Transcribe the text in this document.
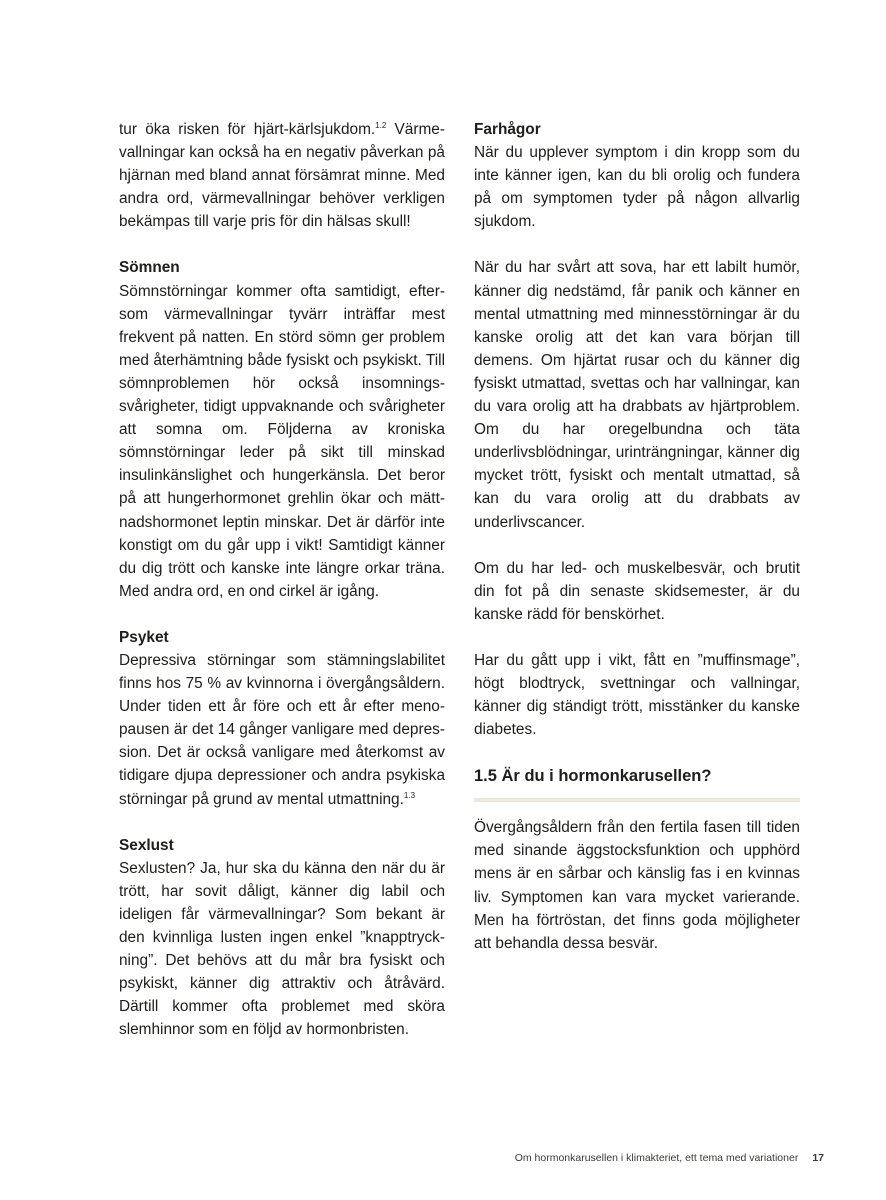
tur öka risken för hjärt-kärlsjukdom.$^{1.2}$ Värmevallningar kan också ha en negativ påverkan på hjärnan med bland annat försämrat minne. Med andra ord, värmevallningar behöver verkligen bekämpas till varje pris för din hälsas skull!

Sömnen

Sömnstörningar kommer ofta samtidigt, eftersom värmevallningar tyvärr inträffar mest frekvent på natten. En störd sömn ger problem med återhämtning både fysiskt och psykiskt. Till sömnproblemen hör också insomningssvårigheter, tidigt uppvaknande och svårigheter att somna om. Följderna av kroniska sömnstörningar leder på sikt till minskad insulinkänslighet och hungerkänsla. Det beror på att hungerhormonet grehlin ökar och mättnadshormonet leptin minskar. Det är därför inte konstigt om du går upp i vikt! Samtidigt känner du dig trött och kanske inte längre orkar träna. Med andra ord, en ond cirkel är igång.

Psyket

Depressiva störningar som stämningslabilitet finns hos 75 % av kvinnorna i övergångsåldern. Under tiden ett år före och ett år efter menopausen är det 14 gånger vanligare med depression. Det är också vanligare med återkomst av tidigare djupa depressioner och andra psykiska störningar på grund av mental utmattning.$^{1.3}$

Sexlust

Sexlusten? Ja, hur ska du känna den när du är trött, har sovit dåligt, känner dig labil och ideligen får värmevallningar? Som bekant är den kvinnliga lusten ingen enkel ”knapptryckning”. Det behövs att du mår bra fysiskt och psykiskt, känner dig attraktiv och åtråvärd. Därtill kommer ofta problemet med sköra slemhinnor som en följd av hormonbristen.

Farhågor

När du upplever symptom i din kropp som du inte känner igen, kan du bli orolig och fundera på om symptomen tyder på någon allvarlig sjukdom.

När du har svårt att sova, har ett labilt humör, känner dig nedstämd, får panik och känner en mental utmattning med minnesstörningar är du kanske orolig att det kan vara början till demens. Om hjärtat rusar och du känner dig fysiskt utmattad, svettas och har vallningar, kan du vara orolig att ha drabbats av hjärtproblem. Om du har oregelbundna och täta underlivsblödningar, urinträngningar, känner dig mycket trött, fysiskt och mentalt utmattad, så kan du vara orolig att du drabbats av underlivscancer.

Om du har led- och muskelbesvär, och brutit din fot på din senaste skidsemester, är du kanske rädd för benskörhet.

Har du gått upp i vikt, fått en ”muffinsmage”, högt blodtryck, svettningar och vallningar, känner dig ständigt trött, misstänker du kanske diabetes.

1.5 Är du i hormonkarusellen?

Övergångsåldern från den fertila fasen till tiden med sinande äggstocksfunktion och upphörd mens är en sårbar och känslig fas i en kvinnas liv. Symptomen kan vara mycket varierande. Men ha förtröstan, det finns goda möjligheter att behandla dessa besvär.

Om hormonkarusellen i klimakteriet, ett tema med variationer 17
